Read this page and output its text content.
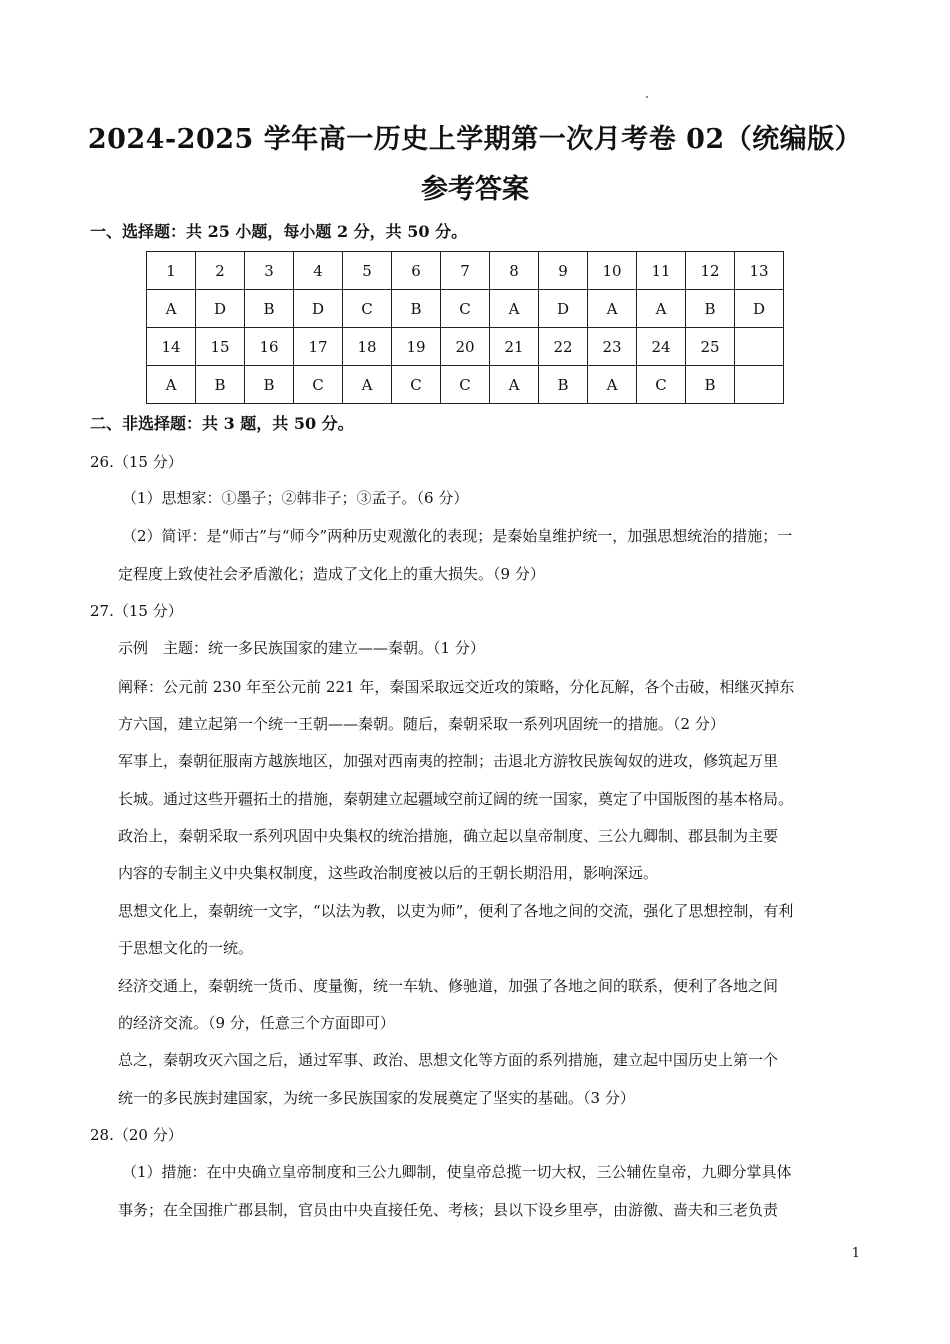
2024-2025 学年高一历史上学期第一次月考卷 02（统编版）
参考答案
一、选择题：共 25 小题，每小题 2 分，共 50 分。
1	2	3	4	5	6	7	8	9	10	11	12	13
A	D	B	D	C	B	C	A	D	A	A	B	D
14	15	16	17	18	19	20	21	22	23	24	25	
A	B	B	C	A	C	C	A	B	A	C	B	
二、非选择题：共 3 题，共 50 分。
26.（15 分）
（1）思想家：①墨子；②韩非子；③孟子。（6 分）
（2）简评：是“师古”与“师今”两种历史观激化的表现；是秦始皇维护统一，加强思想统治的措施；一
定程度上致使社会矛盾激化；造成了文化上的重大损失。（9 分）
27.（15 分）
示例　主题：统一多民族国家的建立——秦朝。（1 分）
阐释：公元前 230 年至公元前 221 年，秦国采取远交近攻的策略，分化瓦解，各个击破，相继灭掉东
方六国，建立起第一个统一王朝——秦朝。随后，秦朝采取一系列巩固统一的措施。（2 分）
军事上，秦朝征服南方越族地区，加强对西南夷的控制；击退北方游牧民族匈奴的进攻，修筑起万里
长城。通过这些开疆拓土的措施，秦朝建立起疆域空前辽阔的统一国家，奠定了中国版图的基本格局。
政治上，秦朝采取一系列巩固中央集权的统治措施，确立起以皇帝制度、三公九卿制、郡县制为主要
内容的专制主义中央集权制度，这些政治制度被以后的王朝长期沿用，影响深远。
思想文化上，秦朝统一文字，“以法为教，以吏为师”，便利了各地之间的交流，强化了思想控制，有利
于思想文化的一统。
经济交通上，秦朝统一货币、度量衡，统一车轨、修驰道，加强了各地之间的联系，便利了各地之间
的经济交流。（9 分，任意三个方面即可）
总之，秦朝攻灭六国之后，通过军事、政治、思想文化等方面的系列措施，建立起中国历史上第一个
统一的多民族封建国家，为统一多民族国家的发展奠定了坚实的基础。（3 分）
28.（20 分）
（1）措施：在中央确立皇帝制度和三公九卿制，使皇帝总揽一切大权，三公辅佐皇帝，九卿分掌具体
事务；在全国推广郡县制，官员由中央直接任免、考核；县以下设乡里亭，由游徼、啬夫和三老负责
1
